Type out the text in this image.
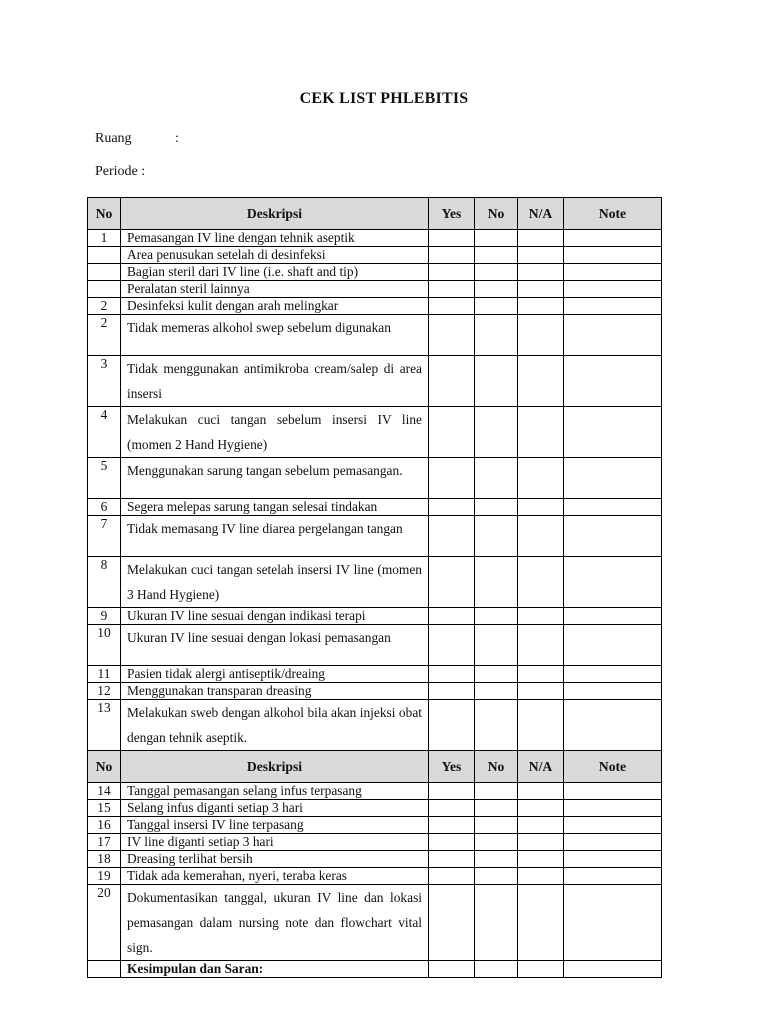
CEK LIST PHLEBITIS
Ruang	:
Periode :
No	Deskripsi	Yes	No	N/A	Note
1	Pemasangan IV line dengan tehnik aseptik				
	Area penusukan setelah di desinfeksi				
	Bagian steril dari IV line (i.e. shaft and tip)				
	Peralatan steril lainnya				
2	Desinfeksi kulit dengan arah melingkar				
2	Tidak memeras alkohol swep sebelum digunakan				
3	Tidak menggunakan antimikroba cream/salep di area insersi				
4	Melakukan cuci tangan sebelum insersi IV line (momen 2 Hand Hygiene)				
5	Menggunakan sarung tangan sebelum pemasangan.				
6	Segera melepas sarung tangan selesai tindakan				
7	Tidak memasang IV line diarea pergelangan tangan				
8	Melakukan cuci tangan setelah insersi IV line (momen 3 Hand Hygiene)				
9	Ukuran IV line sesuai dengan indikasi terapi				
10	Ukuran IV line sesuai dengan lokasi pemasangan				
11	Pasien tidak alergi antiseptik/dreaing				
12	Menggunakan transparan dreasing				
13	Melakukan sweb dengan alkohol bila akan injeksi obat dengan tehnik aseptik.				
No	Deskripsi	Yes	No	N/A	Note
14	Tanggal pemasangan selang infus terpasang				
15	Selang infus diganti setiap 3 hari				
16	Tanggal insersi IV line terpasang				
17	IV line diganti setiap 3 hari				
18	Dreasing terlihat bersih				
19	Tidak ada kemerahan, nyeri, teraba keras				
20	Dokumentasikan tanggal, ukuran IV line dan lokasi pemasangan dalam nursing note dan flowchart vital sign.				
	Kesimpulan dan Saran:				
